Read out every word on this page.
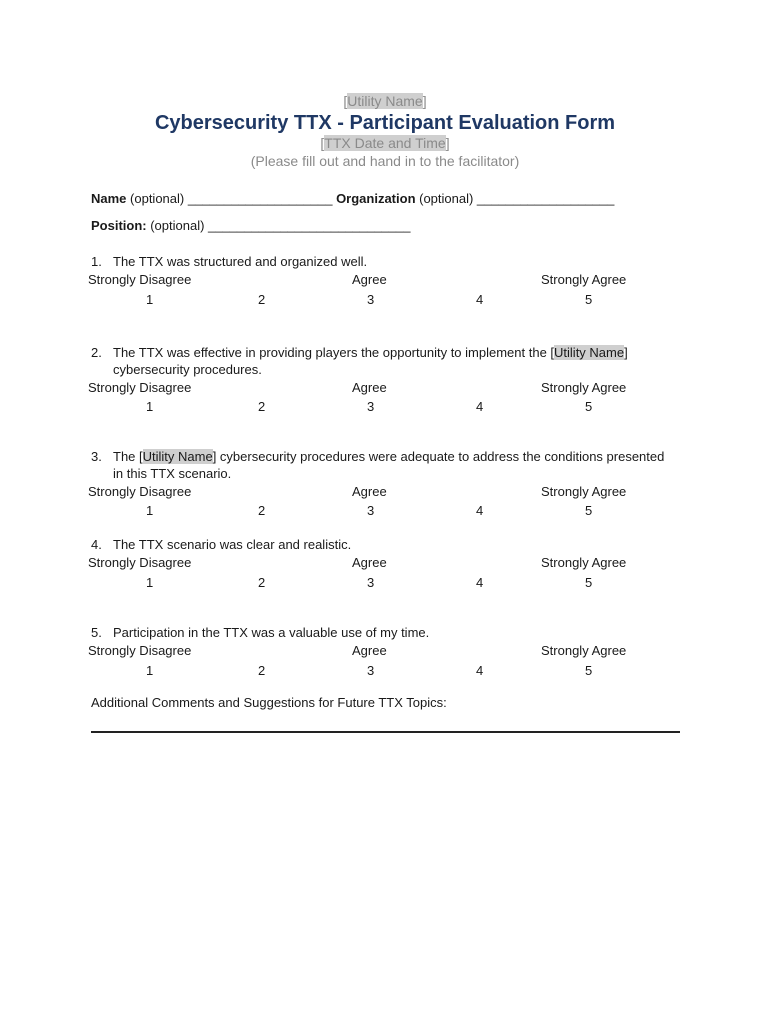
[Utility Name]
Cybersecurity TTX - Participant Evaluation Form
[TTX Date and Time]
(Please fill out and hand in to the facilitator)
Name (optional) ____________________ Organization (optional) ___________________
Position: (optional) ____________________________
1. The TTX was structured and organized well.
Strongly Disagree	Agree	Strongly Agree
1	2	3	4	5
2. The TTX was effective in providing players the opportunity to implement the [Utility Name] cybersecurity procedures.
Strongly Disagree	Agree	Strongly Agree
1	2	3	4	5
3. The [Utility Name] cybersecurity procedures were adequate to address the conditions presented in this TTX scenario.
Strongly Disagree	Agree	Strongly Agree
1	2	3	4	5
4. The TTX scenario was clear and realistic.
Strongly Disagree	Agree	Strongly Agree
1	2	3	4	5
5. Participation in the TTX was a valuable use of my time.
Strongly Disagree	Agree	Strongly Agree
1	2	3	4	5
Additional Comments and Suggestions for Future TTX Topics:
